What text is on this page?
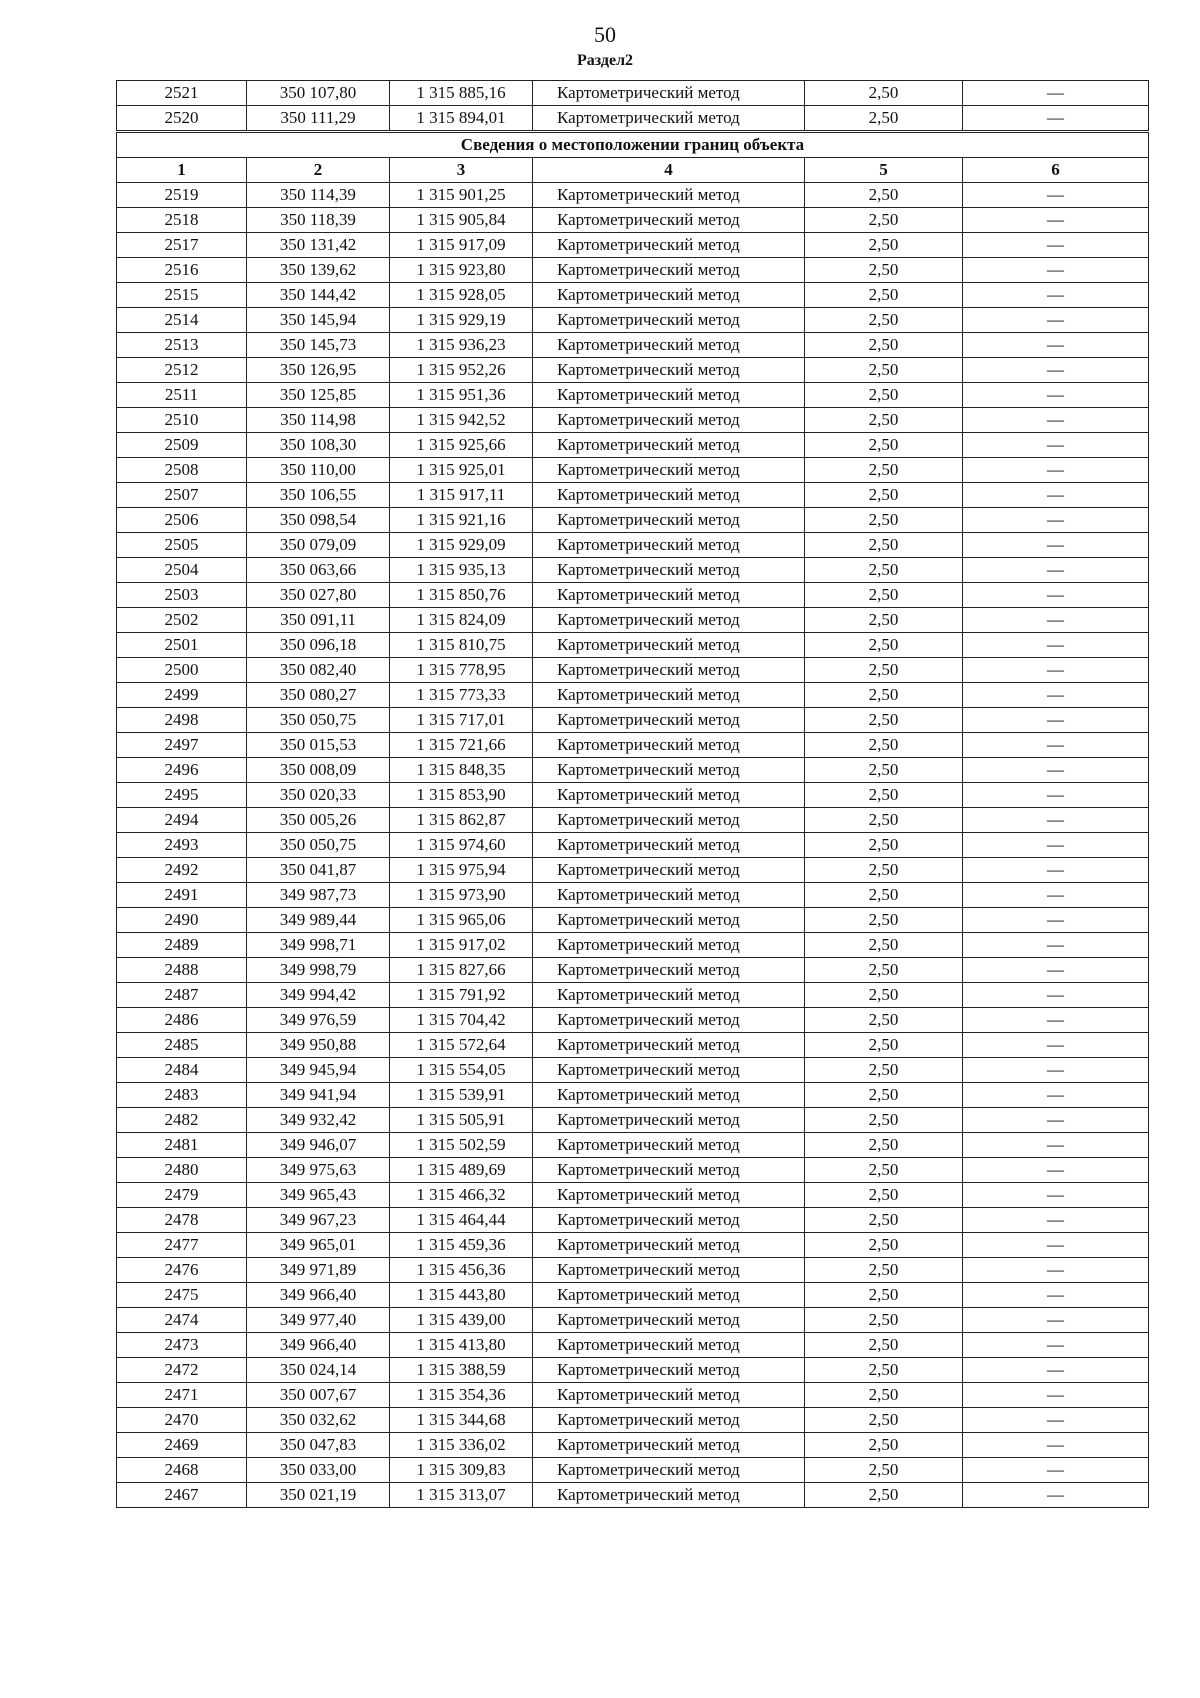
50
Раздел2
2521	350 107,80	1 315 885,16	Картометрический метод	2,50	—
2520	350 111,29	1 315 894,01	Картометрический метод	2,50	—
Сведения о местоположении границ объекта					
1	2	3	4	5	6
2519	350 114,39	1 315 901,25	Картометрический метод	2,50	—
2518	350 118,39	1 315 905,84	Картометрический метод	2,50	—
2517	350 131,42	1 315 917,09	Картометрический метод	2,50	—
2516	350 139,62	1 315 923,80	Картометрический метод	2,50	—
2515	350 144,42	1 315 928,05	Картометрический метод	2,50	—
2514	350 145,94	1 315 929,19	Картометрический метод	2,50	—
2513	350 145,73	1 315 936,23	Картометрический метод	2,50	—
2512	350 126,95	1 315 952,26	Картометрический метод	2,50	—
2511	350 125,85	1 315 951,36	Картометрический метод	2,50	—
2510	350 114,98	1 315 942,52	Картометрический метод	2,50	—
2509	350 108,30	1 315 925,66	Картометрический метод	2,50	—
2508	350 110,00	1 315 925,01	Картометрический метод	2,50	—
2507	350 106,55	1 315 917,11	Картометрический метод	2,50	—
2506	350 098,54	1 315 921,16	Картометрический метод	2,50	—
2505	350 079,09	1 315 929,09	Картометрический метод	2,50	—
2504	350 063,66	1 315 935,13	Картометрический метод	2,50	—
2503	350 027,80	1 315 850,76	Картометрический метод	2,50	—
2502	350 091,11	1 315 824,09	Картометрический метод	2,50	—
2501	350 096,18	1 315 810,75	Картометрический метод	2,50	—
2500	350 082,40	1 315 778,95	Картометрический метод	2,50	—
2499	350 080,27	1 315 773,33	Картометрический метод	2,50	—
2498	350 050,75	1 315 717,01	Картометрический метод	2,50	—
2497	350 015,53	1 315 721,66	Картометрический метод	2,50	—
2496	350 008,09	1 315 848,35	Картометрический метод	2,50	—
2495	350 020,33	1 315 853,90	Картометрический метод	2,50	—
2494	350 005,26	1 315 862,87	Картометрический метод	2,50	—
2493	350 050,75	1 315 974,60	Картометрический метод	2,50	—
2492	350 041,87	1 315 975,94	Картометрический метод	2,50	—
2491	349 987,73	1 315 973,90	Картометрический метод	2,50	—
2490	349 989,44	1 315 965,06	Картометрический метод	2,50	—
2489	349 998,71	1 315 917,02	Картометрический метод	2,50	—
2488	349 998,79	1 315 827,66	Картометрический метод	2,50	—
2487	349 994,42	1 315 791,92	Картометрический метод	2,50	—
2486	349 976,59	1 315 704,42	Картометрический метод	2,50	—
2485	349 950,88	1 315 572,64	Картометрический метод	2,50	—
2484	349 945,94	1 315 554,05	Картометрический метод	2,50	—
2483	349 941,94	1 315 539,91	Картометрический метод	2,50	—
2482	349 932,42	1 315 505,91	Картометрический метод	2,50	—
2481	349 946,07	1 315 502,59	Картометрический метод	2,50	—
2480	349 975,63	1 315 489,69	Картометрический метод	2,50	—
2479	349 965,43	1 315 466,32	Картометрический метод	2,50	—
2478	349 967,23	1 315 464,44	Картометрический метод	2,50	—
2477	349 965,01	1 315 459,36	Картометрический метод	2,50	—
2476	349 971,89	1 315 456,36	Картометрический метод	2,50	—
2475	349 966,40	1 315 443,80	Картометрический метод	2,50	—
2474	349 977,40	1 315 439,00	Картометрический метод	2,50	—
2473	349 966,40	1 315 413,80	Картометрический метод	2,50	—
2472	350 024,14	1 315 388,59	Картометрический метод	2,50	—
2471	350 007,67	1 315 354,36	Картометрический метод	2,50	—
2470	350 032,62	1 315 344,68	Картометрический метод	2,50	—
2469	350 047,83	1 315 336,02	Картометрический метод	2,50	—
2468	350 033,00	1 315 309,83	Картометрический метод	2,50	—
2467	350 021,19	1 315 313,07	Картометрический метод	2,50	—
